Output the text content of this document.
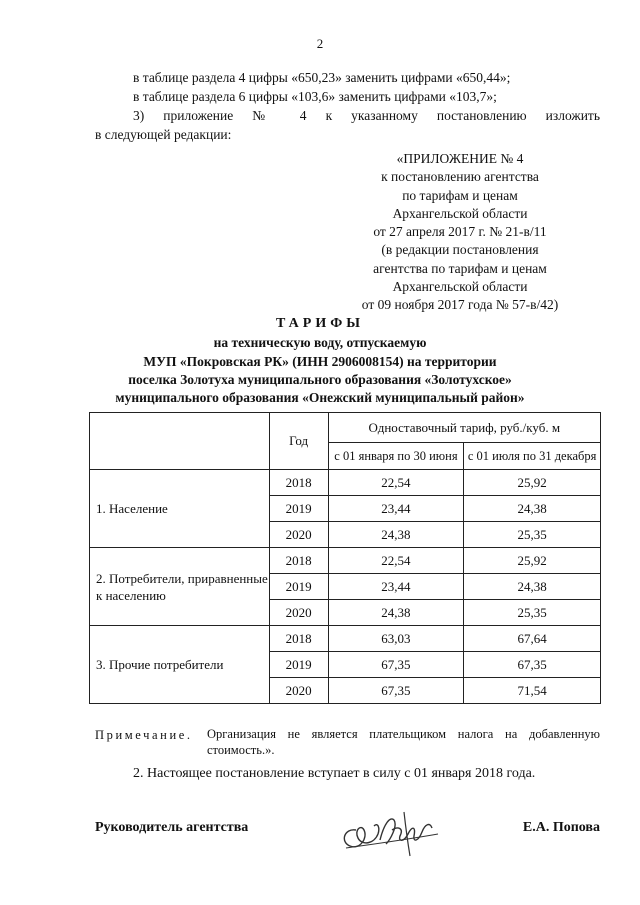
2
в таблице раздела 4 цифры «650,23» заменить цифрами «650,44»;
в таблице раздела 6 цифры «103,6» заменить цифрами «103,7»;
3) приложение № 4 к указанному постановлению изложить
в следующей редакции:
«ПРИЛОЖЕНИЕ № 4
к постановлению агентства
по тарифам и ценам
Архангельской области
от 27 апреля 2017 г. № 21-в/11
(в редакции постановления
агентства по тарифам и ценам
Архангельской области
от 09 ноября 2017 года № 57-в/42)
ТАРИФЫ
на техническую воду, отпускаемую
МУП «Покровская РК» (ИНН 2906008154) на территории
поселка Золотуха муниципального образования «Золотухское»
муниципального образования «Онежский муниципальный район»
	Год	Одноставочный тариф, руб./куб. м	
		с 01 января по 30 июня	с 01 июля по 31 декабря
1. Население	2018	22,54	25,92
	2019	23,44	24,38
	2020	24,38	25,35
2. Потребители, приравненные к населению	2018	22,54	25,92
	2019	23,44	24,38
	2020	24,38	25,35
3. Прочие потребители	2018	63,03	67,64
	2019	67,35	67,35
	2020	67,35	71,54
Примечание. Организация не является плательщиком налога на добавленную стоимость.».
2. Настоящее постановление вступает в силу с 01 января 2018 года.
Руководитель агентства	Е.А. Попова
